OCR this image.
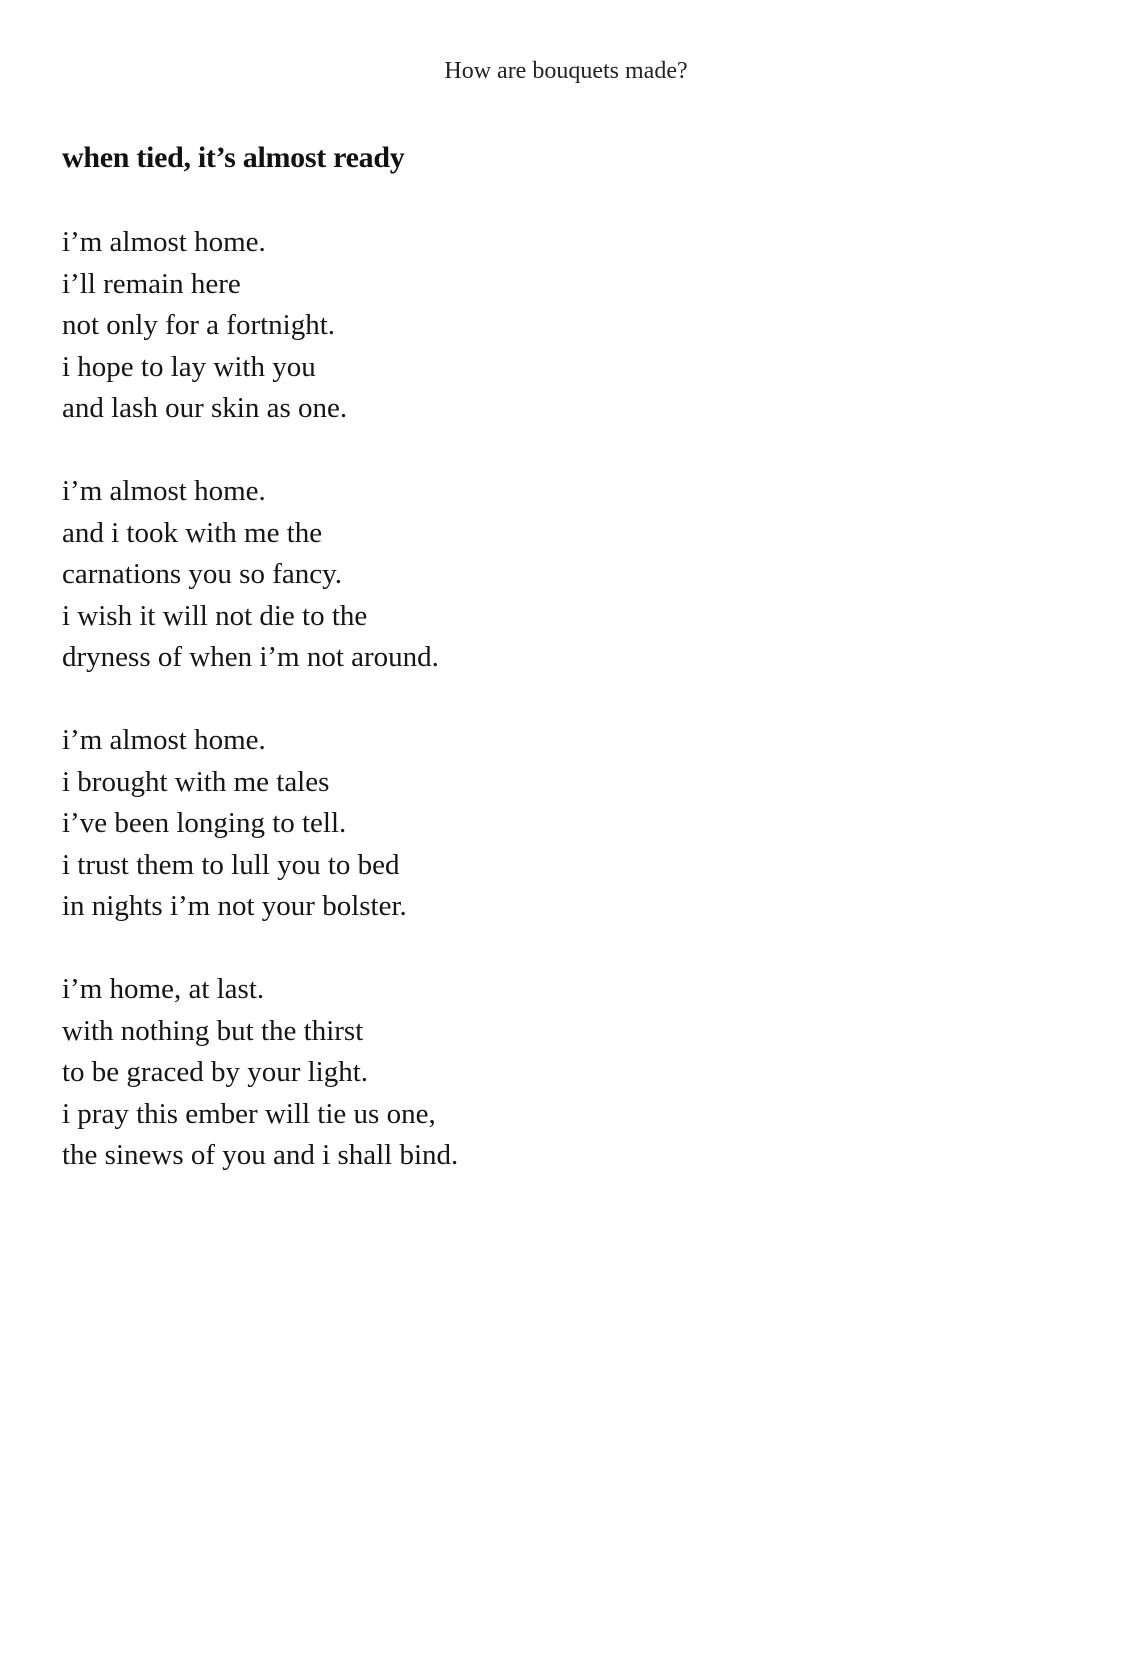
How are bouquets made?
when tied, it’s almost ready

i’m almost home.
i’ll remain here
not only for a fortnight.
i hope to lay with you
and lash our skin as one.

i’m almost home.
and i took with me the
carnations you so fancy.
i wish it will not die to the
dryness of when i’m not around.

i’m almost home.
i brought with me tales
i’ve been longing to tell.
i trust them to lull you to bed
in nights i’m not your bolster.

i’m home, at last.
with nothing but the thirst
to be graced by your light.
i pray this ember will tie us one,
the sinews of you and i shall bind.
